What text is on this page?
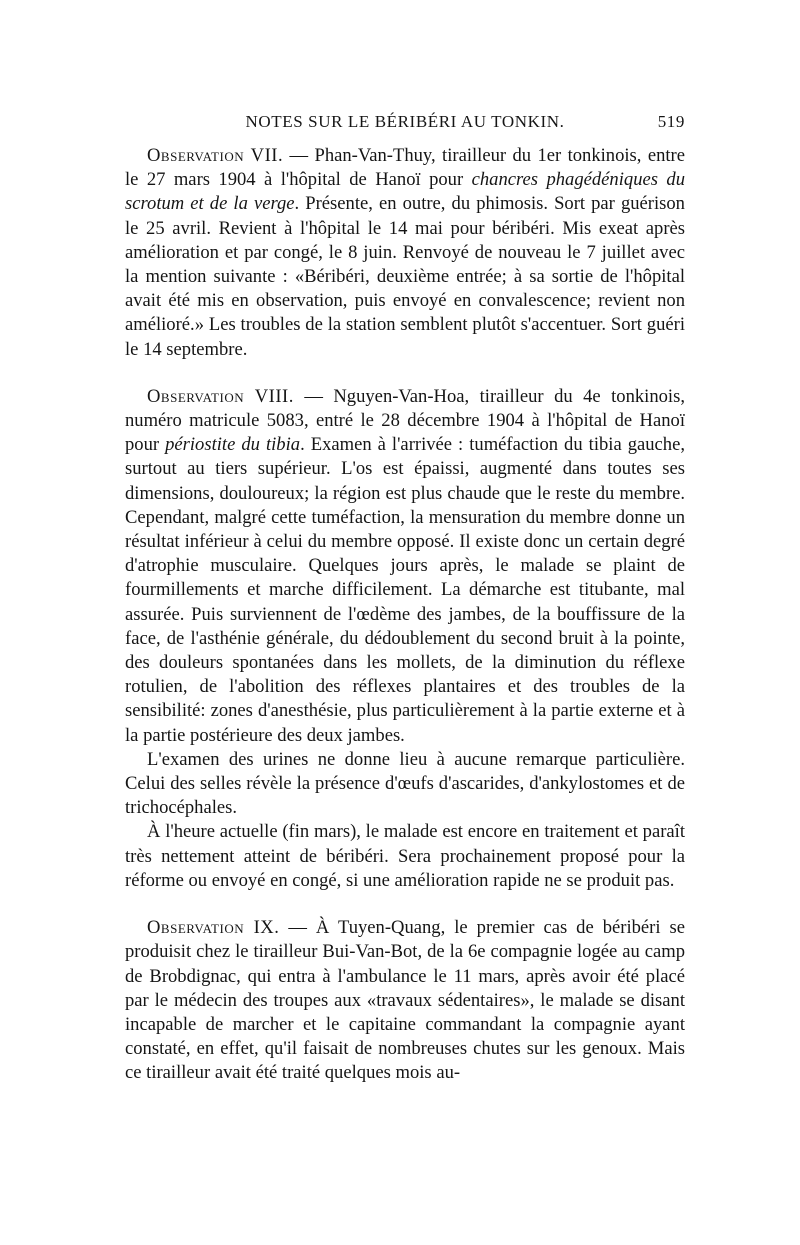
NOTES SUR LE BÉRIBÉRI AU TONKIN.	519

Observation VII. — Phan-Van-Thuy, tirailleur du 1er tonkinois, entre le 27 mars 1904 à l'hôpital de Hanoï pour chancres phagédéniques du scrotum et de la verge. Présente, en outre, du phimosis. Sort par guérison le 25 avril. Revient à l'hôpital le 14 mai pour béribéri. Mis exeat après amélioration et par congé, le 8 juin. Renvoyé de nouveau le 7 juillet avec la mention suivante : «Béribéri, deuxième entrée; à sa sortie de l'hôpital avait été mis en observation, puis envoyé en convalescence; revient non amélioré.» Les troubles de la station semblent plutôt s'accentuer. Sort guéri le 14 septembre.

Observation VIII. — Nguyen-Van-Hoa, tirailleur du 4e tonkinois, numéro matricule 5083, entré le 28 décembre 1904 à l'hôpital de Hanoï pour périostite du tibia. Examen à l'arrivée : tuméfaction du tibia gauche, surtout au tiers supérieur. L'os est épaissi, augmenté dans toutes ses dimensions, douloureux; la région est plus chaude que le reste du membre. Cependant, malgré cette tuméfaction, la mensuration du membre donne un résultat inférieur à celui du membre opposé. Il existe donc un certain degré d'atrophie musculaire. Quelques jours après, le malade se plaint de fourmillements et marche difficilement. La démarche est titubante, mal assurée. Puis surviennent de l'œdème des jambes, de la bouffissure de la face, de l'asthénie générale, du dédoublement du second bruit à la pointe, des douleurs spontanées dans les mollets, de la diminution du réflexe rotulien, de l'abolition des réflexes plantaires et des troubles de la sensibilité: zones d'anesthésie, plus particulièrement à la partie externe et à la partie postérieure des deux jambes.

L'examen des urines ne donne lieu à aucune remarque particulière. Celui des selles révèle la présence d'œufs d'ascarides, d'ankylostomes et de trichocéphales.

À l'heure actuelle (fin mars), le malade est encore en traitement et paraît très nettement atteint de béribéri. Sera prochainement proposé pour la réforme ou envoyé en congé, si une amélioration rapide ne se produit pas.

Observation IX. — À Tuyen-Quang, le premier cas de béribéri se produisit chez le tirailleur Bui-Van-Bot, de la 6e compagnie logée au camp de Brobdignac, qui entra à l'ambulance le 11 mars, après avoir été placé par le médecin des troupes aux «travaux sédentaires», le malade se disant incapable de marcher et le capitaine commandant la compagnie ayant constaté, en effet, qu'il faisait de nombreuses chutes sur les genoux. Mais ce tirailleur avait été traité quelques mois au-
